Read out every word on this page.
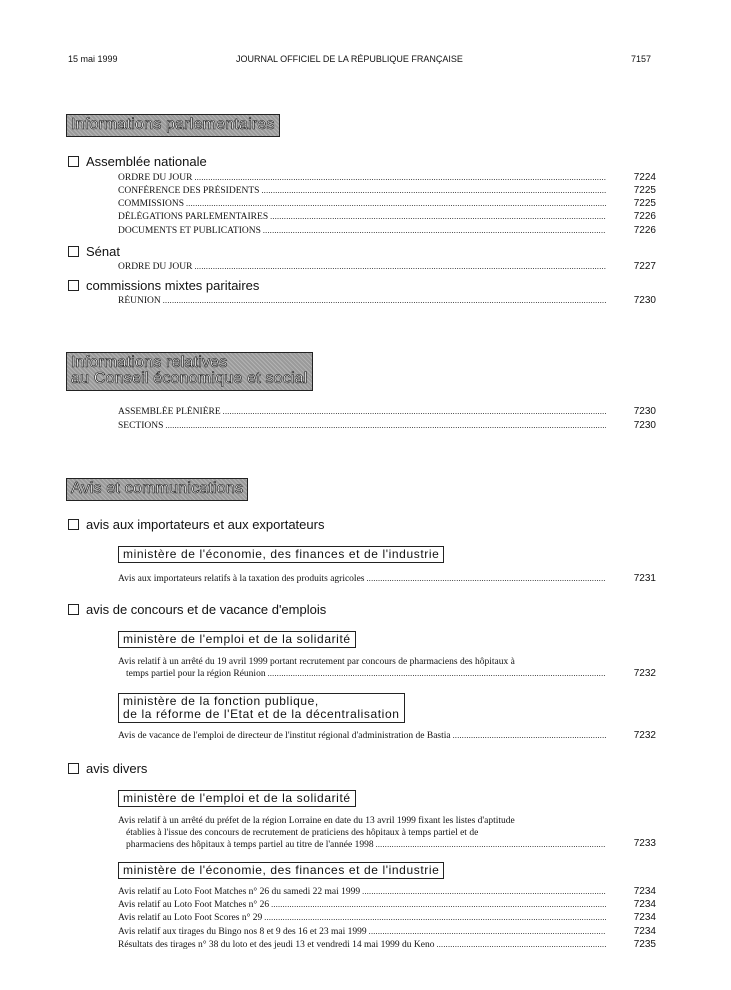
15 mai 1999	JOURNAL OFFICIEL DE LA RÉPUBLIQUE FRANÇAISE	7157
Informations parlementaires
Assemblée nationale
ORDRE DU JOUR .....	7224
CONFÉRENCE DES PRÉSIDENTS .....	7225
COMMISSIONS .....	7225
DÉLÉGATIONS PARLEMENTAIRES .....	7226
DOCUMENTS ET PUBLICATIONS .....	7226
Sénat
ORDRE DU JOUR .....	7227
commissions mixtes paritaires
RÉUNION .....	7230
Informations relatives
au Conseil économique et social
ASSEMBLÉE PLÉNIÈRE .....	7230
SECTIONS .....	7230
Avis et communications
avis aux importateurs et aux exportateurs
ministère de l'économie, des finances et de l'industrie
Avis aux importateurs relatifs à la taxation des produits agricoles .....	7231
avis de concours et de vacance d'emplois
ministère de l'emploi et de la solidarité
Avis relatif à un arrêté du 19 avril 1999 portant recrutement par concours de pharmaciens des hôpitaux à
temps partiel pour la région Réunion .....	7232
ministère de la fonction publique,
de la réforme de l'Etat et de la décentralisation
Avis de vacance de l'emploi de directeur de l'institut régional d'administration de Bastia .....	7232
avis divers
ministère de l'emploi et de la solidarité
Avis relatif à un arrêté du préfet de la région Lorraine en date du 13 avril 1999 fixant les listes d'aptitude
établies à l'issue des concours de recrutement de praticiens des hôpitaux à temps partiel et de
pharmaciens des hôpitaux à temps partiel au titre de l'année 1998 .....	7233
ministère de l'économie, des finances et de l'industrie
Avis relatif au Loto Foot Matches n° 26 du samedi 22 mai 1999 .....	7234
Avis relatif au Loto Foot Matches n° 26 .....	7234
Avis relatif au Loto Foot Scores n° 29 .....	7234
Avis relatif aux tirages du Bingo nos 8 et 9 des 16 et 23 mai 1999 .....	7234
Résultats des tirages n° 38 du loto et des jeudi 13 et vendredi 14 mai 1999 du Keno .....	7235
